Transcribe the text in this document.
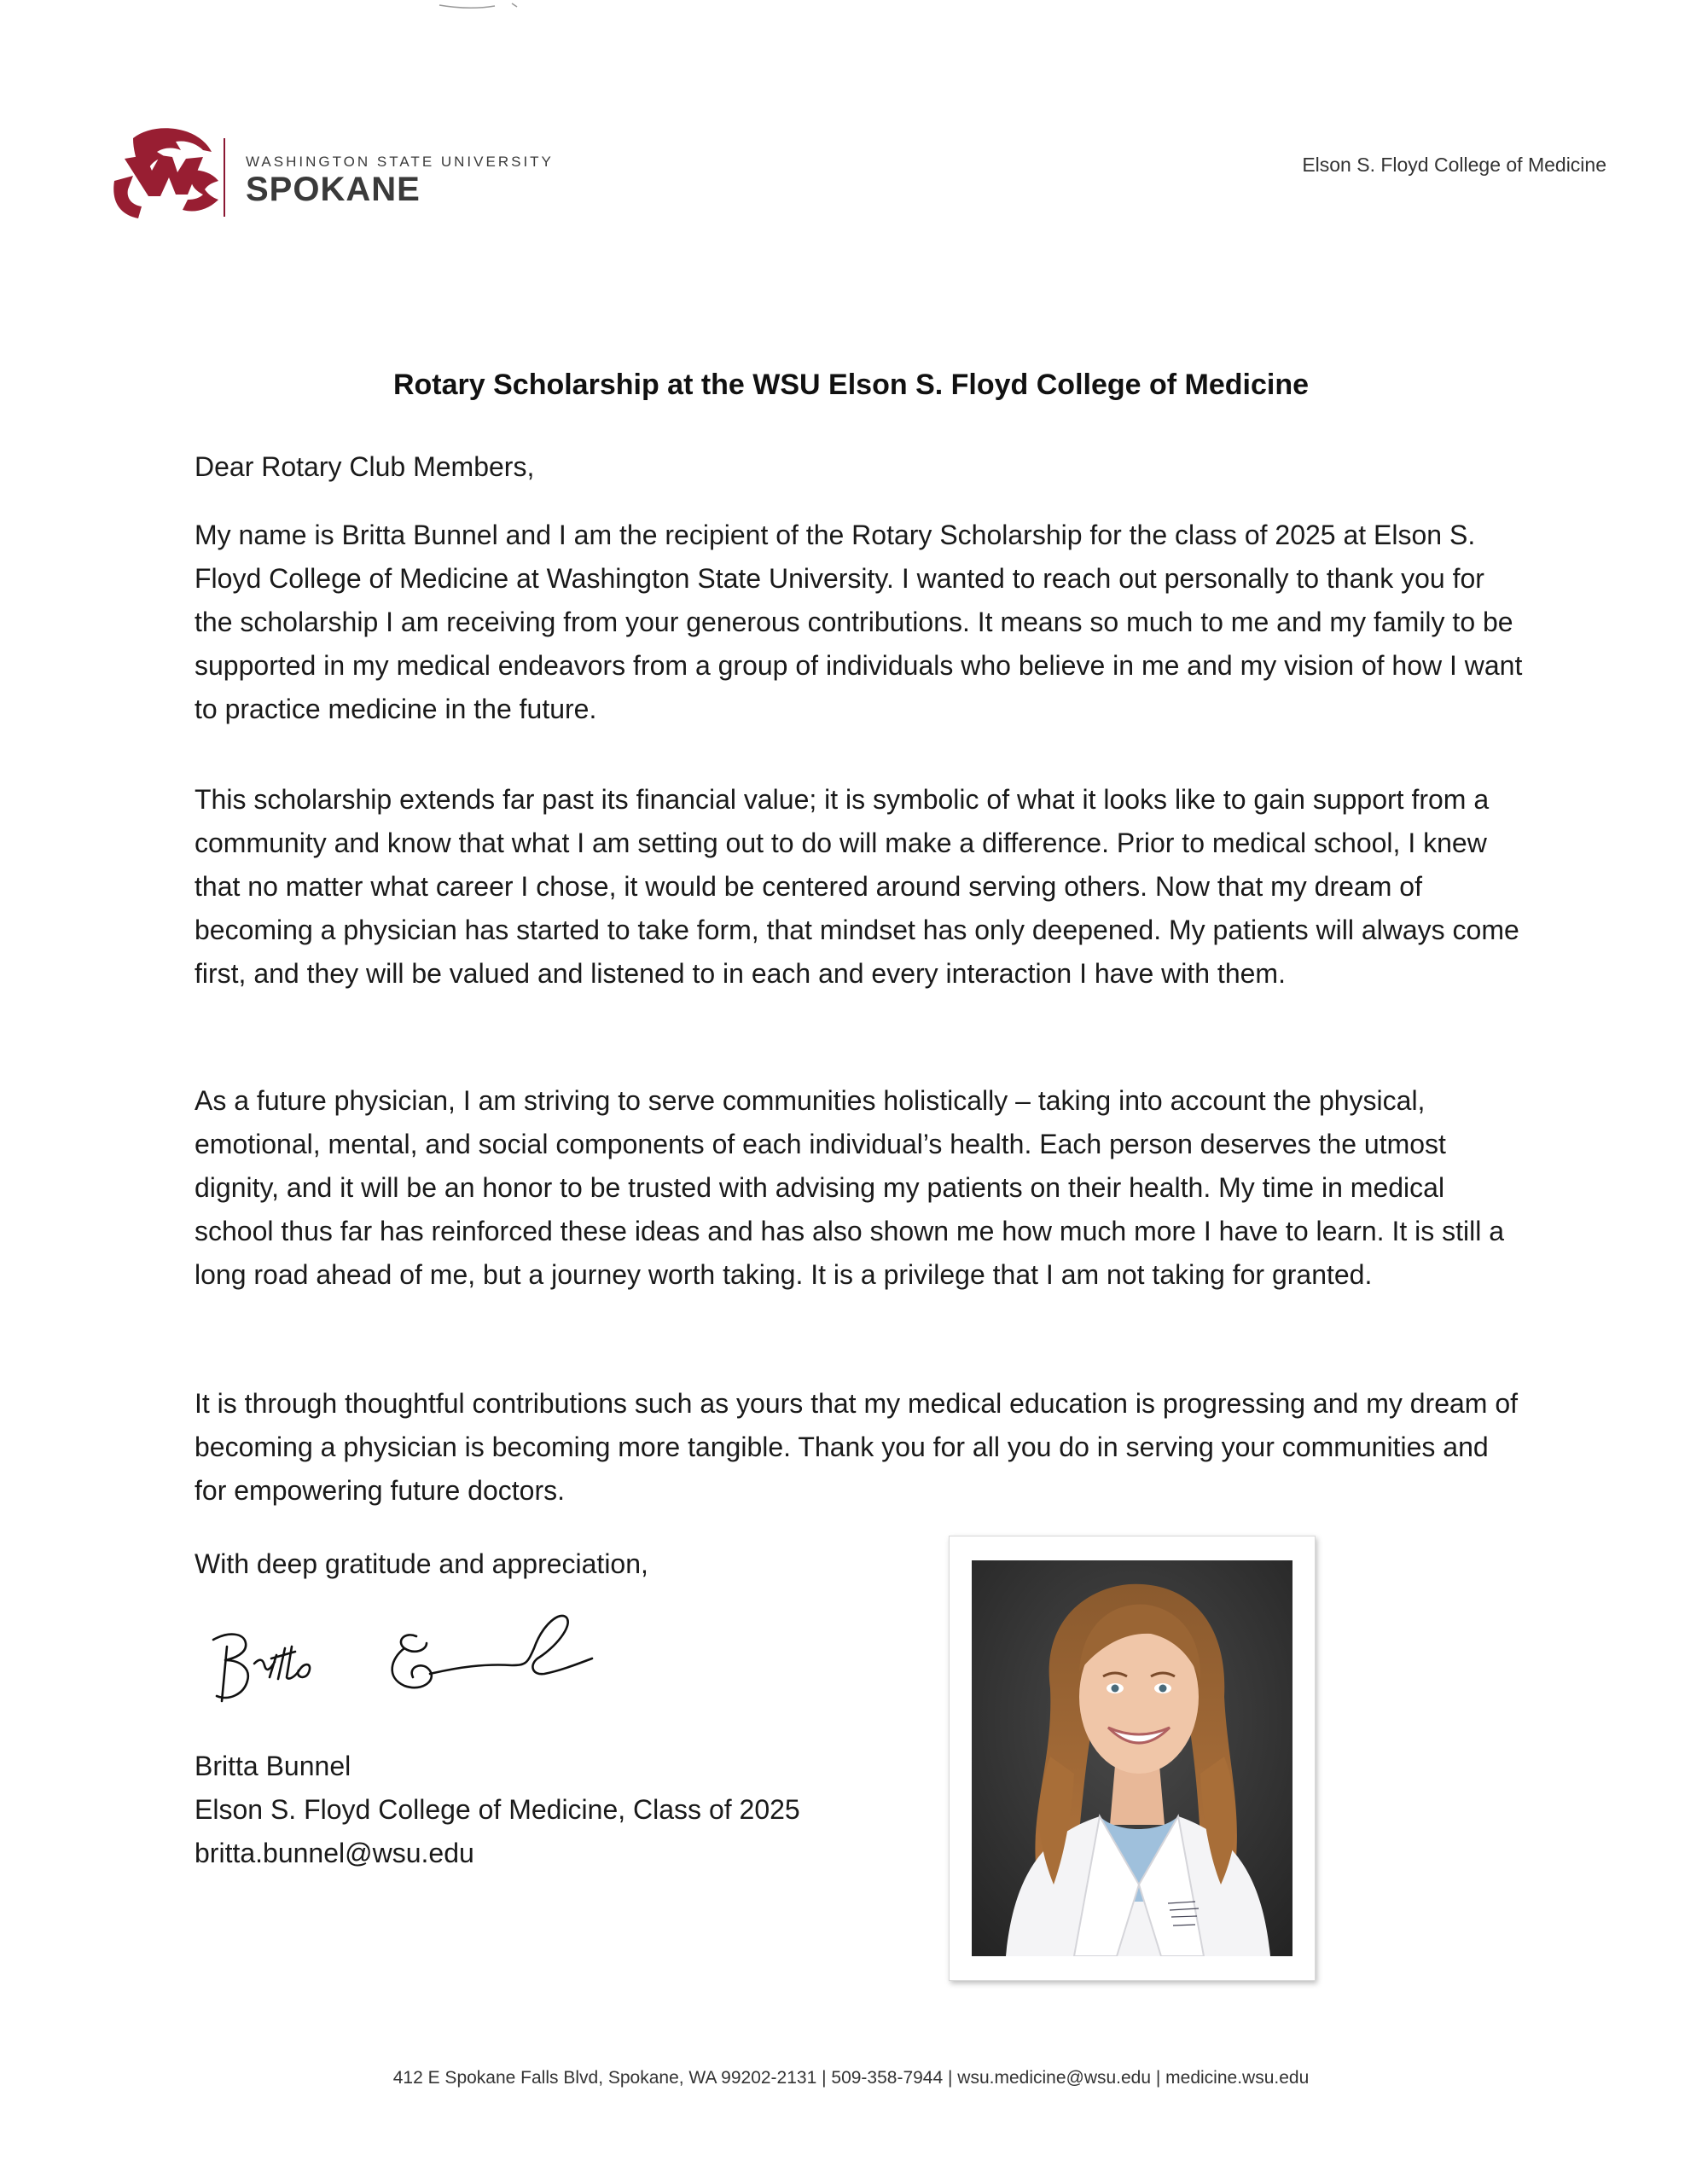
WASHINGTON STATE UNIVERSITY
SPOKANE
Elson S. Floyd College of Medicine
Rotary Scholarship at the WSU Elson S. Floyd College of Medicine
Dear Rotary Club Members,
My name is Britta Bunnel and I am the recipient of the Rotary Scholarship for the class of 2025 at Elson S. Floyd College of Medicine at Washington State University. I wanted to reach out personally to thank you for the scholarship I am receiving from your generous contributions. It means so much to me and my family to be supported in my medical endeavors from a group of individuals who believe in me and my vision of how I want to practice medicine in the future.
This scholarship extends far past its financial value; it is symbolic of what it looks like to gain support from a community and know that what I am setting out to do will make a difference. Prior to medical school, I knew that no matter what career I chose, it would be centered around serving others. Now that my dream of becoming a physician has started to take form, that mindset has only deepened. My patients will always come first, and they will be valued and listened to in each and every interaction I have with them.
As a future physician, I am striving to serve communities holistically – taking into account the physical, emotional, mental, and social components of each individual’s health. Each person deserves the utmost dignity, and it will be an honor to be trusted with advising my patients on their health. My time in medical school thus far has reinforced these ideas and has also shown me how much more I have to learn. It is still a long road ahead of me, but a journey worth taking. It is a privilege that I am not taking for granted.
It is through thoughtful contributions such as yours that my medical education is progressing and my dream of becoming a physician is becoming more tangible. Thank you for all you do in serving your communities and for empowering future doctors.
With deep gratitude and appreciation,
Britta Bunnel
Elson S. Floyd College of Medicine, Class of 2025
britta.bunnel@wsu.edu
412 E Spokane Falls Blvd, Spokane, WA 99202-2131 | 509-358-7944 | wsu.medicine@wsu.edu | medicine.wsu.edu
